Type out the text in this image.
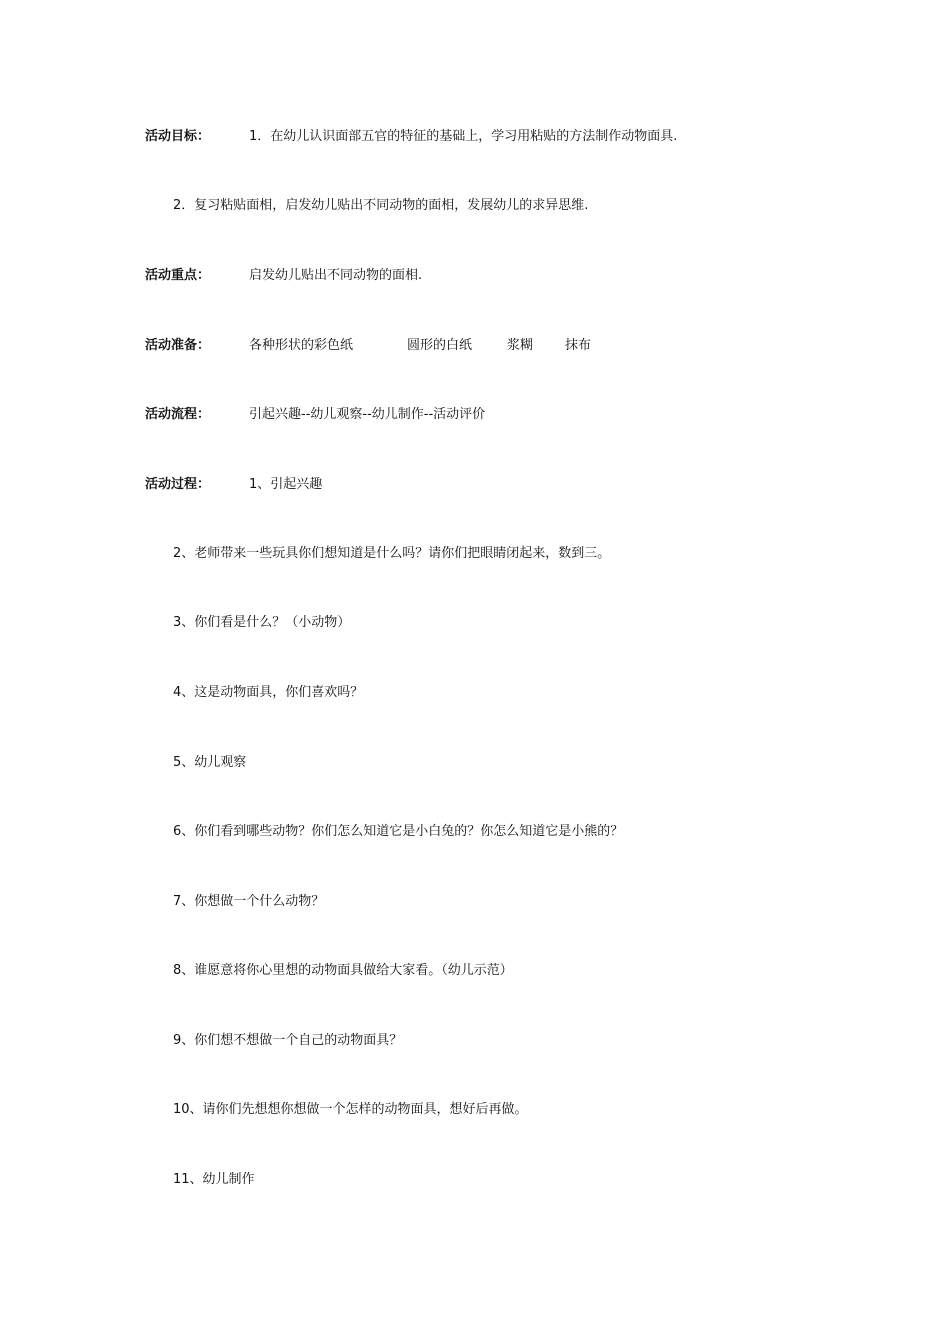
活动目标：	1．在幼儿认识面部五官的特征的基础上，学习用粘贴的方法制作动物面具.
2．复习粘贴面相，启发幼儿贴出不同动物的面相，发展幼儿的求异思维.
活动重点：	启发幼儿贴出不同动物的面相.
活动准备：	各种形状的彩色纸	圆形的白纸	浆糊 抹布
活动流程：	引起兴趣--幼儿观察--幼儿制作--活动评价
活动过程：	1、引起兴趣
2、老师带来一些玩具你们想知道是什么吗？请你们把眼睛闭起来，数到三。
3、你们看是什么？（小动物）
4、这是动物面具，你们喜欢吗？
5、幼儿观察
6、你们看到哪些动物？你们怎么知道它是小白兔的？你怎么知道它是小熊的？
7、你想做一个什么动物？
8、谁愿意将你心里想的动物面具做给大家看。（幼儿示范）
9、你们想不想做一个自己的动物面具？
10、请你们先想想你想做一个怎样的动物面具，想好后再做。
11、幼儿制作
